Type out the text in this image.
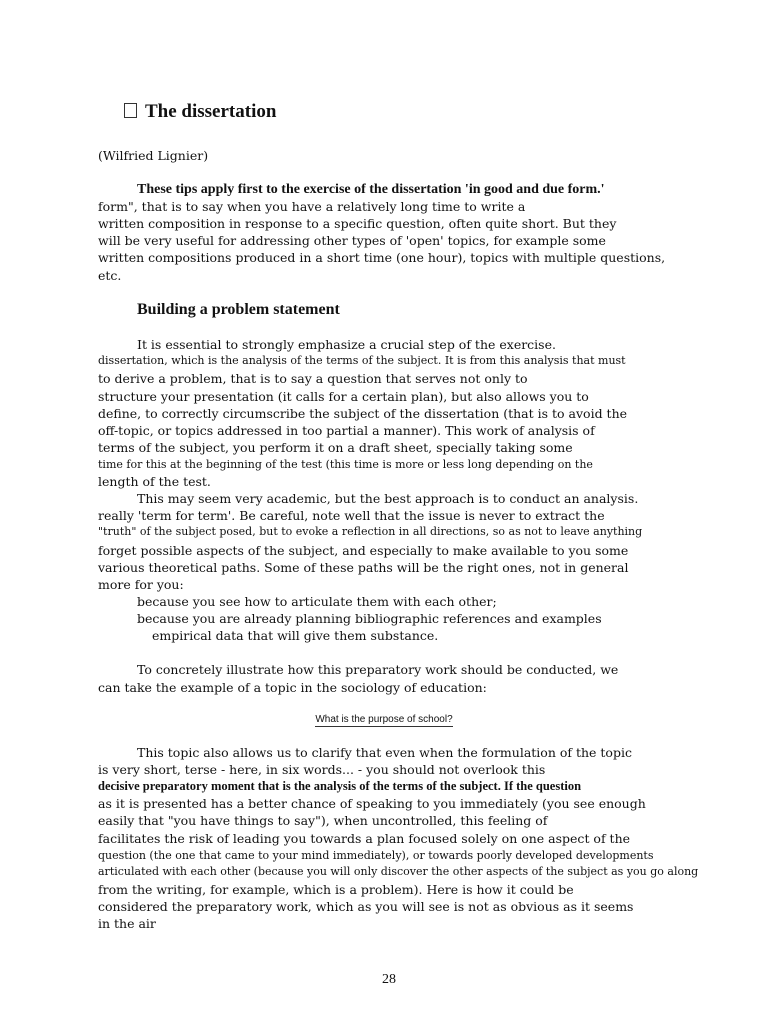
The dissertation
(Wilfried Lignier)
These tips apply first to the exercise of the dissertation 'in good and due form.'
form", that is to say when you have a relatively long time to write a
written composition in response to a specific question, often quite short. But they
will be very useful for addressing other types of 'open' topics, for example some
written compositions produced in a short time (one hour), topics with multiple questions,
etc.
Building a problem statement
It is essential to strongly emphasize a crucial step of the exercise.
dissertation, which is the analysis of the terms of the subject. It is from this analysis that must
to derive a problem, that is to say a question that serves not only to
structure your presentation (it calls for a certain plan), but also allows you to
define, to correctly circumscribe the subject of the dissertation (that is to avoid the
off-topic, or topics addressed in too partial a manner). This work of analysis of
terms of the subject, you perform it on a draft sheet, specially taking some
time for this at the beginning of the test (this time is more or less long depending on the
length of the test.
This may seem very academic, but the best approach is to conduct an analysis.
really 'term for term'. Be careful, note well that the issue is never to extract the
"truth" of the subject posed, but to evoke a reflection in all directions, so as not to leave anything
forget possible aspects of the subject, and especially to make available to you some
various theoretical paths. Some of these paths will be the right ones, not in general
more for you:
because you see how to articulate them with each other;
because you are already planning bibliographic references and examples
empirical data that will give them substance.
To concretely illustrate how this preparatory work should be conducted, we
can take the example of a topic in the sociology of education:
What is the purpose of school?
This topic also allows us to clarify that even when the formulation of the topic
is very short, terse - here, in six words... - you should not overlook this
decisive preparatory moment that is the analysis of the terms of the subject. If the question
as it is presented has a better chance of speaking to you immediately (you see enough
easily that "you have things to say"), when uncontrolled, this feeling of
facilitates the risk of leading you towards a plan focused solely on one aspect of the
question (the one that came to your mind immediately), or towards poorly developed developments
articulated with each other (because you will only discover the other aspects of the subject as you go along
from the writing, for example, which is a problem). Here is how it could be
considered the preparatory work, which as you will see is not as obvious as it seems
in the air
28
